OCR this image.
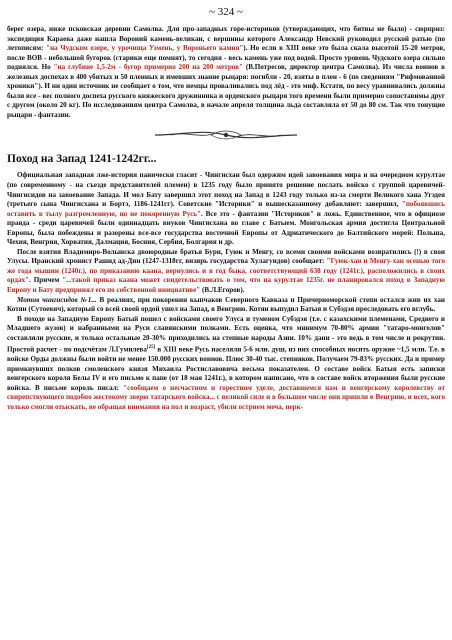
~ 324 ~

берег озера, ниже псковская деревни Самолва. Для про-западных горе-историков (утверждающих, что битвы не было) - сюрприз: экспедиция Караева даже нашла Вороний камень-великан, с вершины которого Александр Невский руководил русской ратью (по летописям: "на Чудском озере, у урочища Узмень, у Вороньего камня"). Но если в XIII веке это была скала высотой 15-20 метров, после ВОВ - небольшой бугорок (старики еще помнят), то сегодня - весь камень уже под водой. Просто уровень Чудского озера сильно поднялся. Но "на глубине 1,5-2м - бугор примерно 200 на 200 метров" (В.Потресов, директор центра Самолва). Из числа воинов в железных доспехах в 400 убитых и 50 пленных и имевших знание рыцаря: погибли - 20, взяты в плен - 6 (по сведениям "Рифмованной хроники"). И ни один источник не сообщает о том, что немцы проваливались под лёд - это миф. Кстати, по весу уравнивались должны были все - вес полного доспеха русского княжеского дружинника и орденского рыцаря того времени были примерно сопоставимы друг с другом (около 20 кг). По исследованиям центра Самолва, в начале апреля толщина льда составляла от 50 до 80 см. Так что тонущие рыцари - фантазии.

Поход на Запад 1241-1242гг...

Официальная западная лже-история панически гласит - Чингисхан был одержим идей завоевания мира и на очередном курултае (по современному - на съезде представителей племен) в 1235 году было принято решение послать войско с группой царевичей-Чингисидов на завоевание Запада. И мол Бату завершил этот поход на Запад в 1243 году только из-за смерти Великого хана Угэдея (третьего сына Чингисхана и Бортэ, 1186-1241гг). Советские "Историки" и вышесказанному добавляют: завершил, "побоявшись оставить в тылу разгромленную, но не покоренную Русь". Все это - фантазии "Историков" и ложь. Единственное, что в официозе правда - среди царевичей были одиннадцать внуков Чингисхана во главе с Батыем. Монгольская армия достигла Центральной Европы, была побеждены и разорены все-все государства восточной Европы от Адриатического до Балтийского морей: Польша, Чехия, Венгрия, Хорватия, Далмация, Босния, Сербия, Болгария и др.

После взятия Владимиро-Волынска двоюродные братья Бури, Гуюк и Менгу, со всеми своими войсками возвратились (!) в свои Улусы. Иранский хронист Рашид ад-Дин (1247-1318гг, визирь государства Хулагуидов) сообщает: "Гуюк-хан и Менгу-хан осенью того же года мышин (1240г.), по приказанию каана, вернулись и в год быка, соответствующий 638 году (1241г.), расположились в своих ордах". Причем "...такой приказ каана может свидетельствовать о том, что на курултае 1235г. не планировался поход в Западную Европу и Бату предпринял его по собственной инициативе" (В.Л.Егоров).

Мотив чингисидов №1... В реалиях, при покорении кыпчаков Северного Кавказа и Причерноморской степи остался жив их хан Котян (Сутоевич), который со всей своей ордой ушел на Запад, в Венгрию. Котян выпудил Батыя и Субэдэя преследовать его вглубь.

В походе на Западную Европу Батый пошел с войсками своего Улуса и туменом Субэдэя (т.е. с казахскими племенами, Среднего и Младшего жузов) и набранными на Руси славянскими полками. Есть оценка, что минимум 70-80% армии "татаро-монголов" составляли русские, и только остальные 20-30% приходились на степные народы Азии. 10% дани - это ведь в том числе и рекрутии. Простой расчет - по подсчётам Л.Гумилева[25] в XIII веке Русь населяли 5-6 млн. душ, из них способных носить оружие ~1,5 млн. Т.е. в войске Орды должны были войти не менее 150.000 русских воинов. Плюс 30-40 тыс. степняков. Получаем 79-83% русских. Да и пример примкнувших полков смоленского князя Михаила Ростиславовича весьма показателен. О составе войск Батыя есть записки венгерского короля Белы IV и его письмо к папе (от 18 мая 1241г.), в котором написано, что в составе войск вторжения были русские войска. В письме король писал: "сообщаем о несчастном и горестном уделе, доставшемся нам и венгерскому королевству от свирепствующего подобно жестокому зверю татарского войска... с великой силе и в большом числе они пришли в Венгрию, и всех, кого только смогли отыскать, не обращая внимания на пол и возраст, убили острием меча, перк-
